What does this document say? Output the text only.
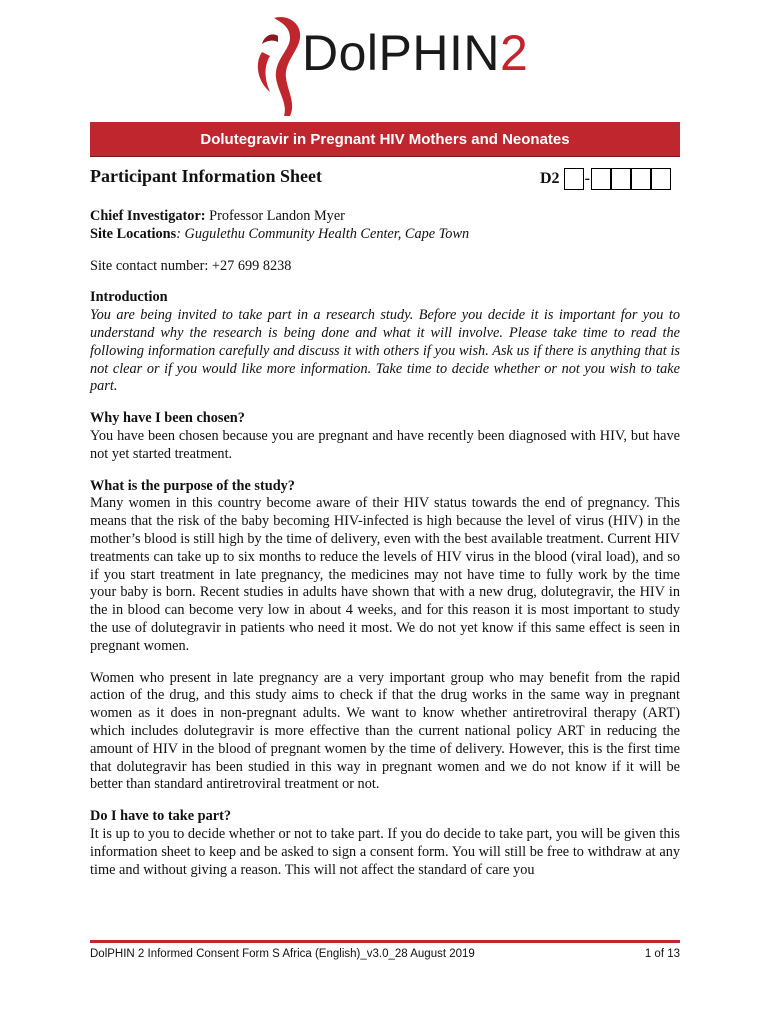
DolPHIN2
Dolutegravir in Pregnant HIV Mothers and Neonates
Participant Information Sheet	D2 -

Chief Investigator: Professor Landon Myer

Site Locations: Gugulethu Community Health Center, Cape Town

Site contact number: +27 699 8238

Introduction

You are being invited to take part in a research study. Before you decide it is important for you to understand why the research is being done and what it will involve. Please take time to read the following information carefully and discuss it with others if you wish. Ask us if there is anything that is not clear or if you would like more information. Take time to decide whether or not you wish to take part.

Why have I been chosen?

You have been chosen because you are pregnant and have recently been diagnosed with HIV, but have not yet started treatment.

What is the purpose of the study?

Many women in this country become aware of their HIV status towards the end of pregnancy. This means that the risk of the baby becoming HIV-infected is high because the level of virus (HIV) in the mother’s blood is still high by the time of delivery, even with the best available treatment. Current HIV treatments can take up to six months to reduce the levels of HIV virus in the blood (viral load), and so if you start treatment in late pregnancy, the medicines may not have time to fully work by the time your baby is born. Recent studies in adults have shown that with a new drug, dolutegravir, the HIV in the in blood can become very low in about 4 weeks, and for this reason it is most important to study the use of dolutegravir in patients who need it most. We do not yet know if this same effect is seen in pregnant women.

Women who present in late pregnancy are a very important group who may benefit from the rapid action of the drug, and this study aims to check if that the drug works in the same way in pregnant women as it does in non-pregnant adults. We want to know whether antiretroviral therapy (ART) which includes dolutegravir is more effective than the current national policy ART in reducing the amount of HIV in the blood of pregnant women by the time of delivery. However, this is the first time that dolutegravir has been studied in this way in pregnant women and we do not know if it will be better than standard antiretroviral treatment or not.

Do I have to take part?

It is up to you to decide whether or not to take part. If you do decide to take part, you will be given this information sheet to keep and be asked to sign a consent form. You will still be free to withdraw at any time and without giving a reason. This will not affect the standard of care you

DolPHIN 2 Informed Consent Form S Africa (English)_v3.0_28 August 2019	1 of 13
